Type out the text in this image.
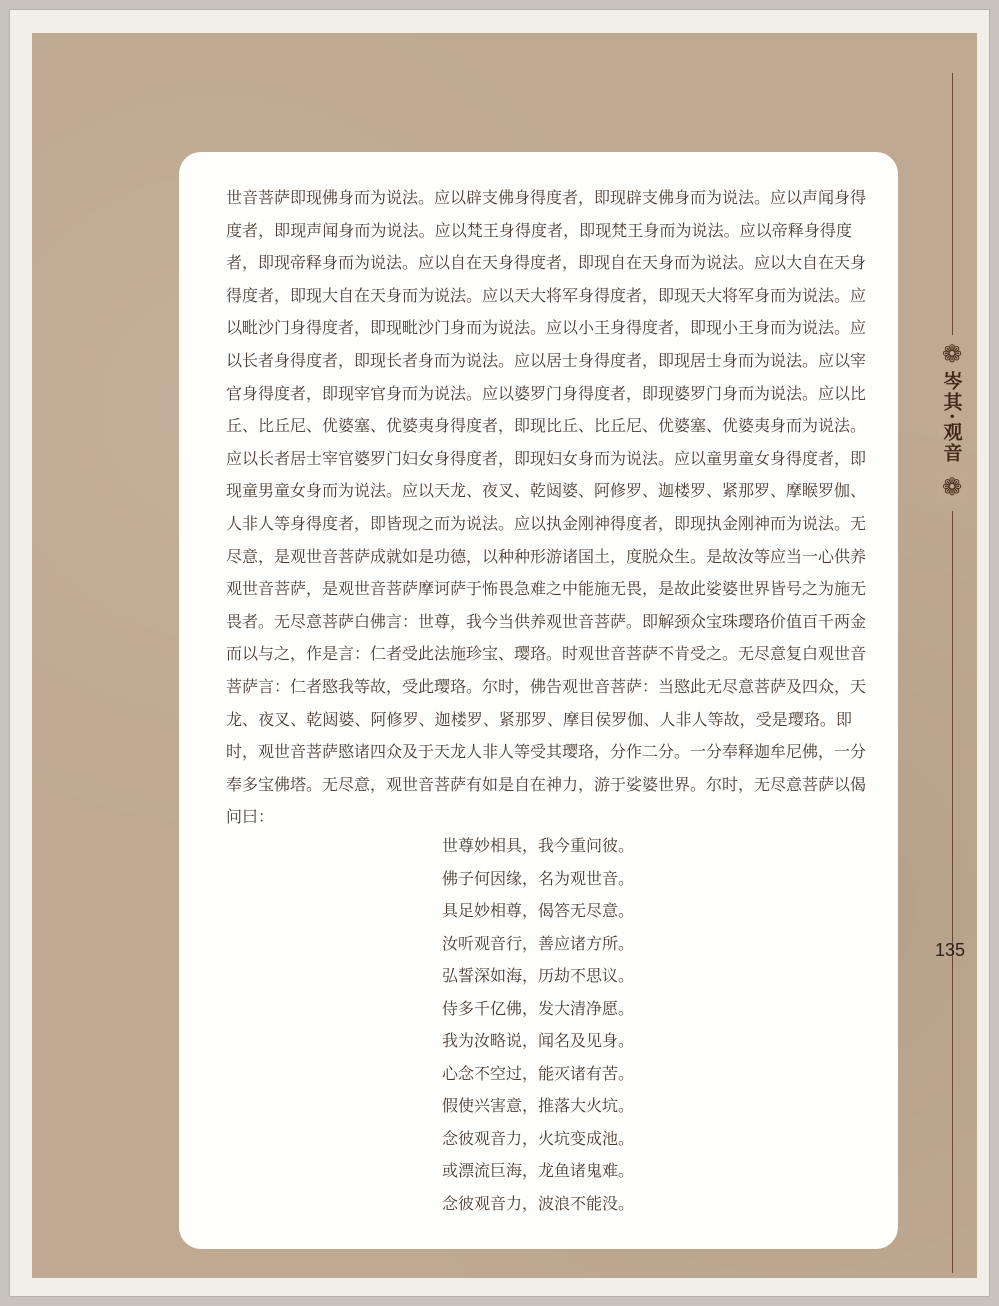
❁
岑其·观音
❁
135
世音菩萨即现佛身而为说法。应以辟支佛身得度者，即现辟支佛身而为说法。应以声闻身得
度者，即现声闻身而为说法。应以梵王身得度者，即现梵王身而为说法。应以帝释身得度
者，即现帝释身而为说法。应以自在天身得度者，即现自在天身而为说法。应以大自在天身
得度者，即现大自在天身而为说法。应以天大将军身得度者，即现天大将军身而为说法。应
以毗沙门身得度者，即现毗沙门身而为说法。应以小王身得度者，即现小王身而为说法。应
以长者身得度者，即现长者身而为说法。应以居士身得度者，即现居士身而为说法。应以宰
官身得度者，即现宰官身而为说法。应以婆罗门身得度者，即现婆罗门身而为说法。应以比
丘、比丘尼、优婆塞、优婆夷身得度者，即现比丘、比丘尼、优婆塞、优婆夷身而为说法。
应以长者居士宰官婆罗门妇女身得度者，即现妇女身而为说法。应以童男童女身得度者，即
现童男童女身而为说法。应以天龙、夜叉、乾闼婆、阿修罗、迦楼罗、紧那罗、摩睺罗伽、
人非人等身得度者，即皆现之而为说法。应以执金刚神得度者，即现执金刚神而为说法。无
尽意，是观世音菩萨成就如是功德，以种种形游诸国土，度脱众生。是故汝等应当一心供养
观世音菩萨，是观世音菩萨摩诃萨于怖畏急难之中能施无畏，是故此娑婆世界皆号之为施无
畏者。无尽意菩萨白佛言：世尊，我今当供养观世音菩萨。即解颈众宝珠璎珞价值百千两金
而以与之，作是言：仁者受此法施珍宝、璎珞。时观世音菩萨不肯受之。无尽意复白观世音
菩萨言：仁者愍我等故，受此璎珞。尔时，佛告观世音菩萨：当愍此无尽意菩萨及四众，天
龙、夜叉、乾闼婆、阿修罗、迦楼罗、紧那罗、摩目侯罗伽、人非人等故，受是璎珞。即
时，观世音菩萨愍诸四众及于天龙人非人等受其璎珞，分作二分。一分奉释迦牟尼佛，一分
奉多宝佛塔。无尽意，观世音菩萨有如是自在神力，游于娑婆世界。尔时，无尽意菩萨以偈
问曰：
世尊妙相具，我今重问彼。
佛子何因缘，名为观世音。
具足妙相尊，偈答无尽意。
汝听观音行，善应诸方所。
弘誓深如海，历劫不思议。
侍多千亿佛，发大清净愿。
我为汝略说，闻名及见身。
心念不空过，能灭诸有苦。
假使兴害意，推落大火坑。
念彼观音力，火坑变成池。
或漂流巨海，龙鱼诸鬼难。
念彼观音力，波浪不能没。
